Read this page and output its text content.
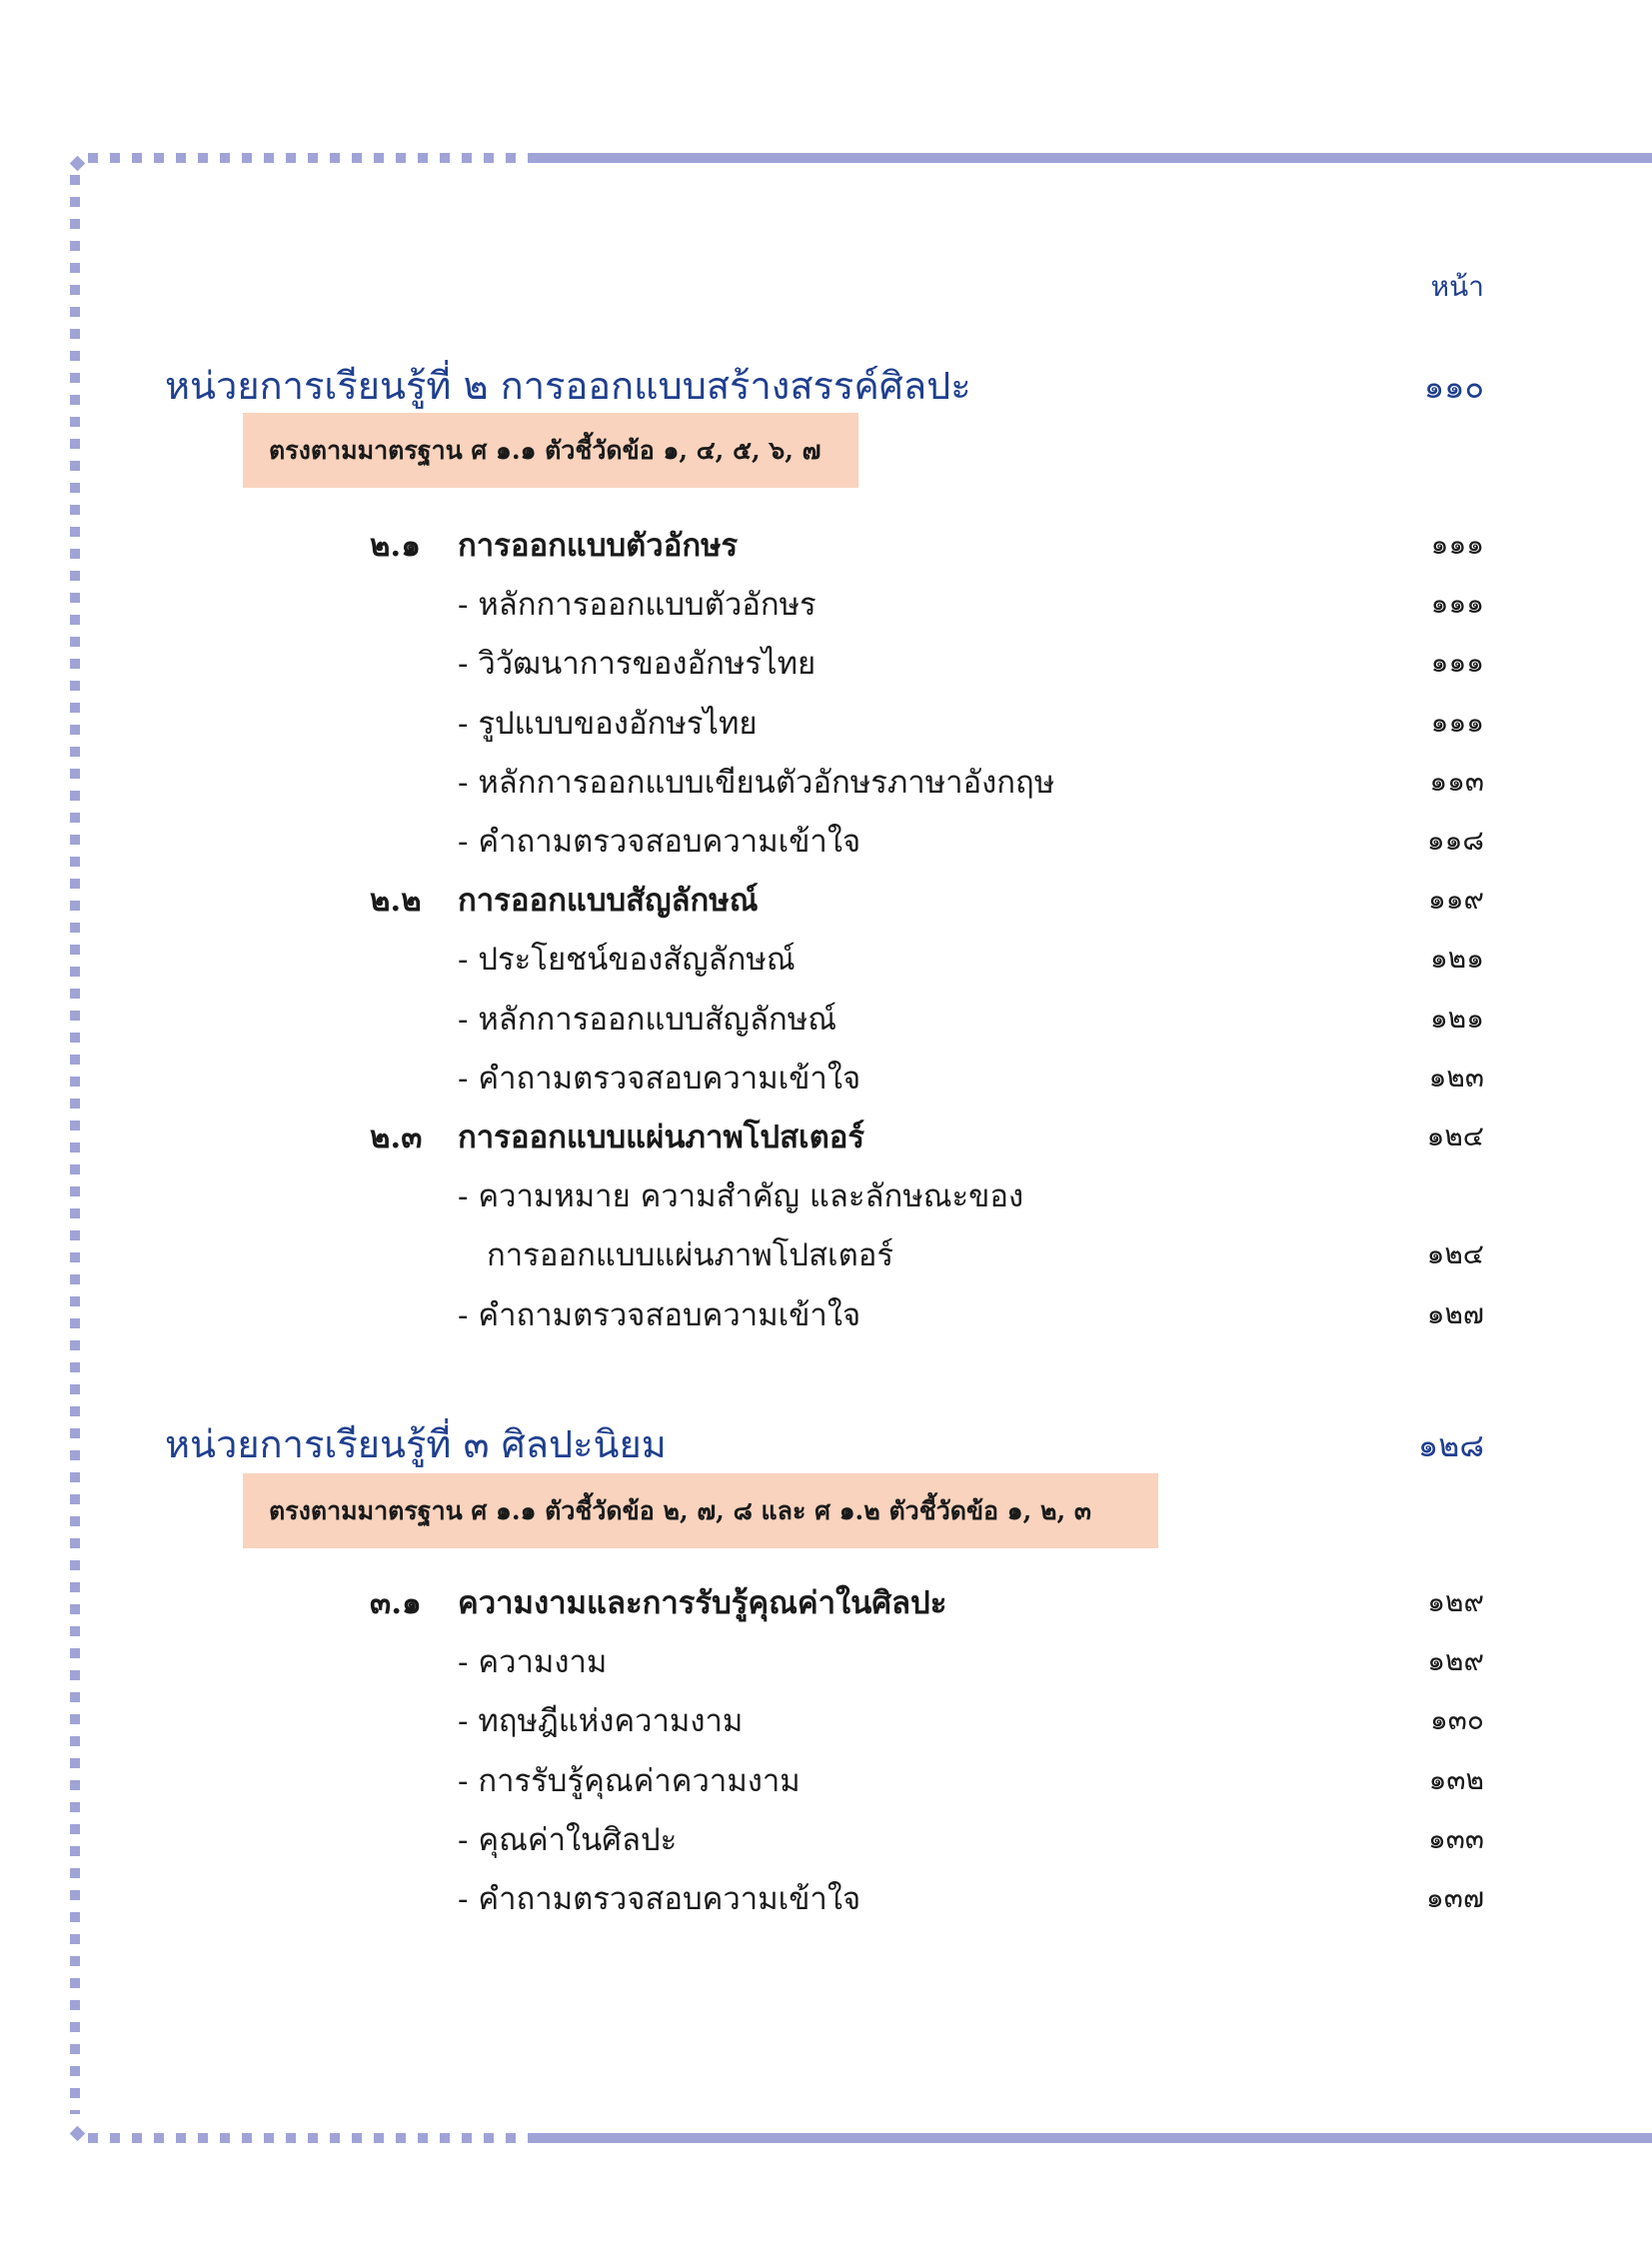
หน้า
หน่วยการเรียนรู้ที่ ๒ การออกแบบสร้างสรรค์ศิลปะ	๑๑๐
ตรงตามมาตรฐาน ศ ๑.๑ ตัวชี้วัดข้อ ๑, ๔, ๕, ๖, ๗
๒.๑	การออกแบบตัวอักษร	๑๑๑
- หลักการออกแบบตัวอักษร	๑๑๑
- วิวัฒนาการของอักษรไทย	๑๑๑
- รูปแบบของอักษรไทย	๑๑๑
- หลักการออกแบบเขียนตัวอักษรภาษาอังกฤษ	๑๑๓
- คำถามตรวจสอบความเข้าใจ	๑๑๘
๒.๒	การออกแบบสัญลักษณ์	๑๑๙
- ประโยชน์ของสัญลักษณ์	๑๒๑
- หลักการออกแบบสัญลักษณ์	๑๒๑
- คำถามตรวจสอบความเข้าใจ	๑๒๓
๒.๓	การออกแบบแผ่นภาพโปสเตอร์	๑๒๔
- ความหมาย ความสำคัญ และลักษณะของ
การออกแบบแผ่นภาพโปสเตอร์	๑๒๔
- คำถามตรวจสอบความเข้าใจ	๑๒๗
หน่วยการเรียนรู้ที่ ๓ ศิลปะนิยม	๑๒๘
ตรงตามมาตรฐาน ศ ๑.๑ ตัวชี้วัดข้อ ๒, ๗, ๘ และ ศ ๑.๒ ตัวชี้วัดข้อ ๑, ๒, ๓
๓.๑	ความงามและการรับรู้คุณค่าในศิลปะ	๑๒๙
- ความงาม	๑๒๙
- ทฤษฎีแห่งความงาม	๑๓๐
- การรับรู้คุณค่าความงาม	๑๓๒
- คุณค่าในศิลปะ	๑๓๓
- คำถามตรวจสอบความเข้าใจ	๑๓๗
